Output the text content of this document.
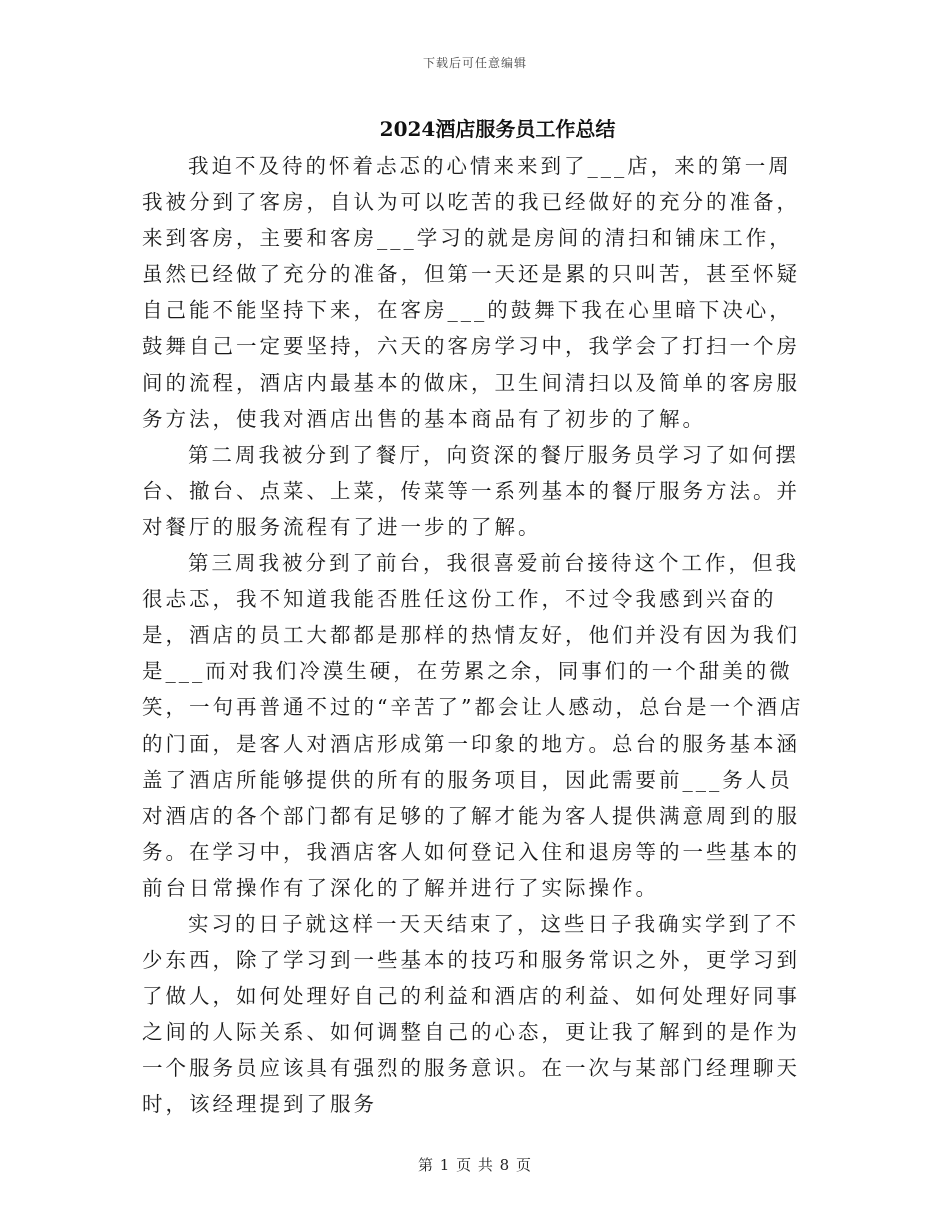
下载后可任意编辑
2024酒店服务员工作总结

我迫不及待的怀着忐忑的心情来来到了___店，来的第一周我被分到了客房，自认为可以吃苦的我已经做好的充分的准备，来到客房，主要和客房___学习的就是房间的清扫和铺床工作，虽然已经做了充分的准备，但第一天还是累的只叫苦，甚至怀疑自己能不能坚持下来，在客房___的鼓舞下我在心里暗下决心，鼓舞自己一定要坚持，六天的客房学习中，我学会了打扫一个房间的流程，酒店内最基本的做床，卫生间清扫以及简单的客房服务方法，使我对酒店出售的基本商品有了初步的了解。

第二周我被分到了餐厅，向资深的餐厅服务员学习了如何摆台、撤台、点菜、上菜，传菜等一系列基本的餐厅服务方法。并对餐厅的服务流程有了进一步的了解。

第三周我被分到了前台，我很喜爱前台接待这个工作，但我很忐忑，我不知道我能否胜任这份工作，不过令我感到兴奋的是，酒店的员工大都都是那样的热情友好，他们并没有因为我们是___而对我们冷漠生硬，在劳累之余，同事们的一个甜美的微笑，一句再普通不过的“辛苦了”都会让人感动，总台是一个酒店的门面，是客人对酒店形成第一印象的地方。总台的服务基本涵盖了酒店所能够提供的所有的服务项目，因此需要前___务人员对酒店的各个部门都有足够的了解才能为客人提供满意周到的服务。在学习中，我酒店客人如何登记入住和退房等的一些基本的前台日常操作有了深化的了解并进行了实际操作。

实习的日子就这样一天天结束了，这些日子我确实学到了不少东西，除了学习到一些基本的技巧和服务常识之外，更学习到了做人，如何处理好自己的利益和酒店的利益、如何处理好同事之间的人际关系、如何调整自己的心态，更让我了解到的是作为一个服务员应该具有强烈的服务意识。在一次与某部门经理聊天时，该经理提到了服务

第 1 页 共 8 页
